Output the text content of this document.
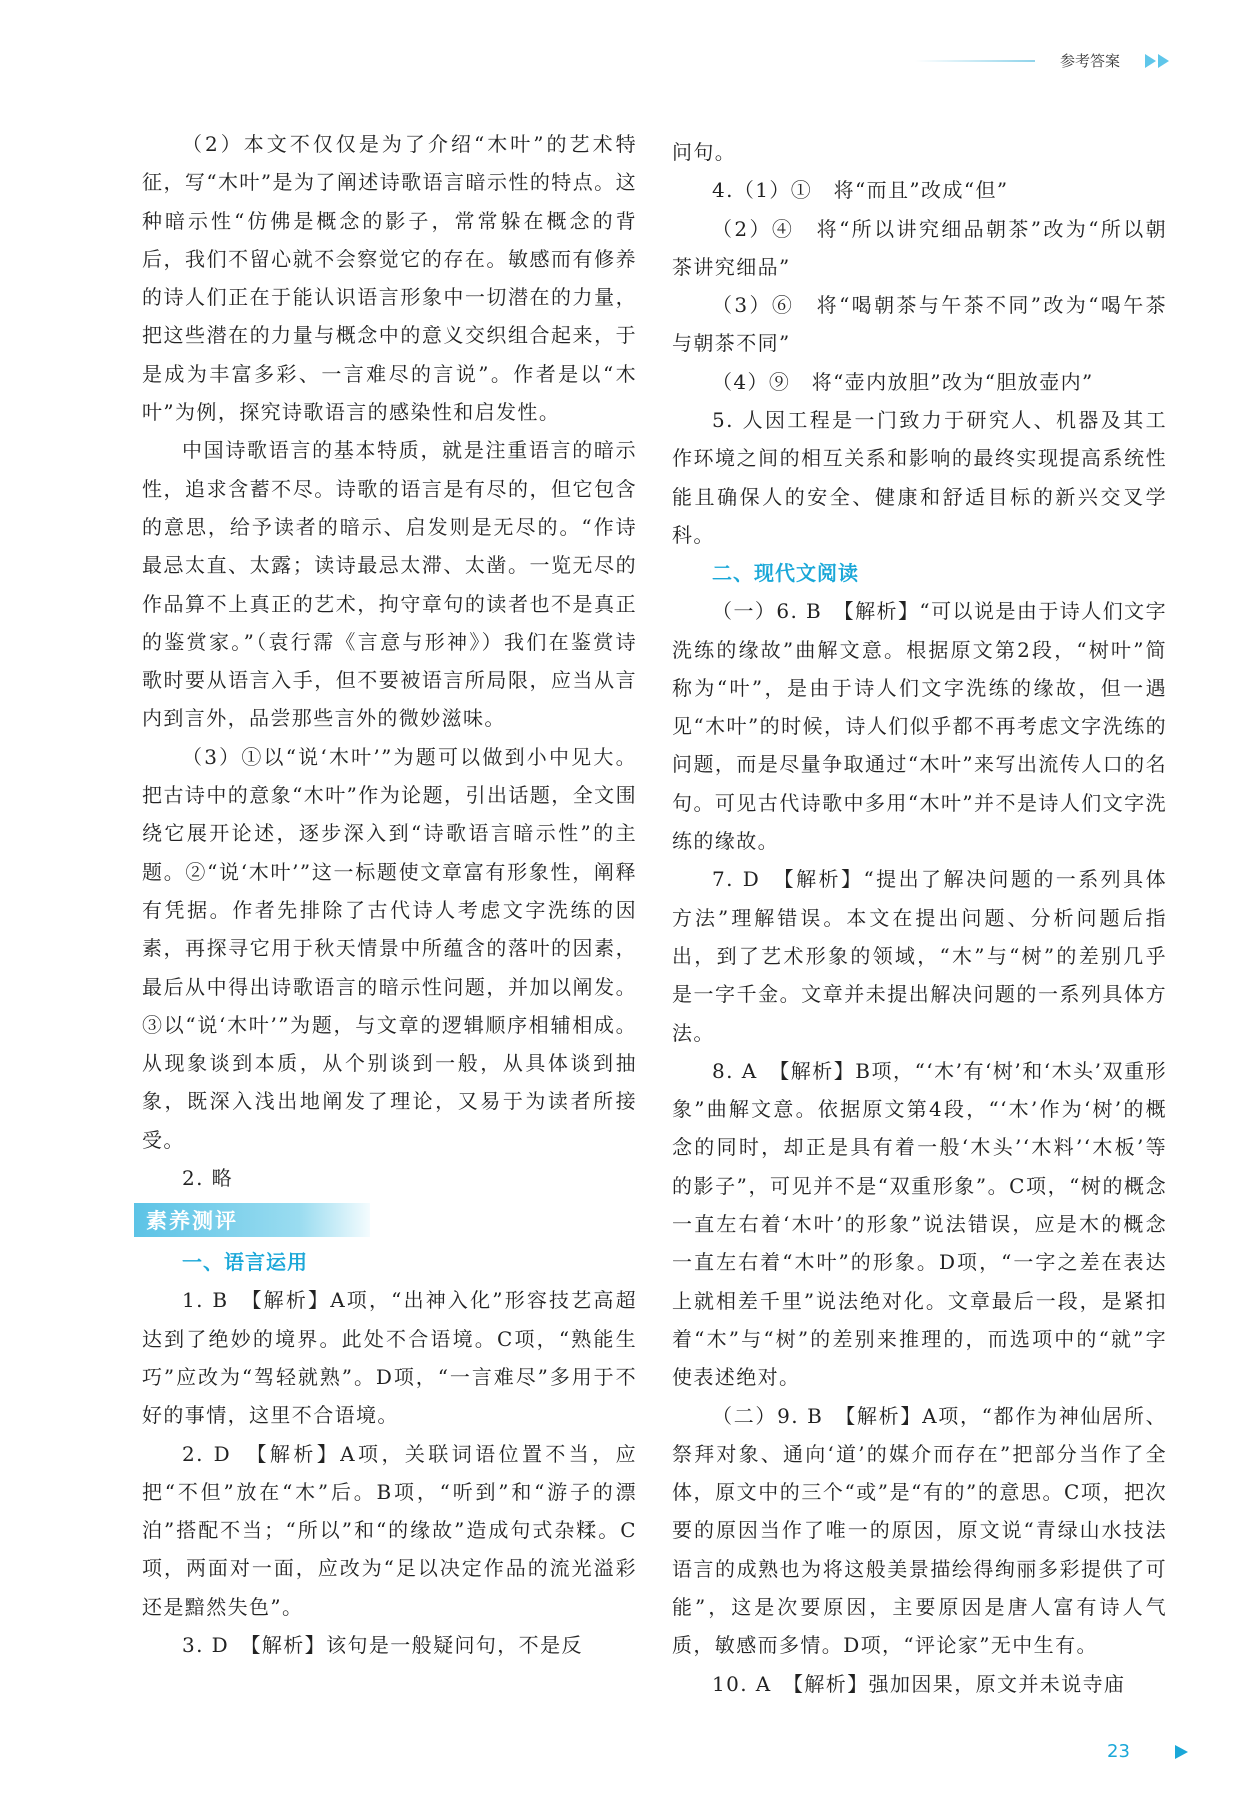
参考答案

（2）本文不仅仅是为了介绍“木叶”的艺术特征，写“木叶”是为了阐述诗歌语言暗示性的特点。这种暗示性“仿佛是概念的影子，常常躲在概念的背后，我们不留心就不会察觉它的存在。敏感而有修养的诗人们正在于能认识语言形象中一切潜在的力量，把这些潜在的力量与概念中的意义交织组合起来，于是成为丰富多彩、一言难尽的言说”。作者是以“木叶”为例，探究诗歌语言的感染性和启发性。

中国诗歌语言的基本特质，就是注重语言的暗示性，追求含蓄不尽。诗歌的语言是有尽的，但它包含的意思，给予读者的暗示、启发则是无尽的。“作诗最忌太直、太露；读诗最忌太滞、太凿。一览无尽的作品算不上真正的艺术，拘守章句的读者也不是真正的鉴赏家。”（袁行霈《言意与形神》）我们在鉴赏诗歌时要从语言入手，但不要被语言所局限，应当从言内到言外，品尝那些言外的微妙滋味。

（3）①以“说‘木叶’”为题可以做到小中见大。把古诗中的意象“木叶”作为论题，引出话题，全文围绕它展开论述，逐步深入到“诗歌语言暗示性”的主题。②“说‘木叶’”这一标题使文章富有形象性，阐释有凭据。作者先排除了古代诗人考虑文字洗练的因素，再探寻它用于秋天情景中所蕴含的落叶的因素，最后从中得出诗歌语言的暗示性问题，并加以阐发。③以“说‘木叶’”为题，与文章的逻辑顺序相辅相成。从现象谈到本质，从个别谈到一般，从具体谈到抽象，既深入浅出地阐发了理论，又易于为读者所接受。

2. 略

素养测评

一、语言运用

1. B　【解析】A项，“出神入化”形容技艺高超达到了绝妙的境界。此处不合语境。C项，“熟能生巧”应改为“驾轻就熟”。D项，“一言难尽”多用于不好的事情，这里不合语境。

2. D　【解析】A项，关联词语位置不当，应把“不但”放在“木”后。B项，“听到”和“游子的漂泊”搭配不当；“所以”和“的缘故”造成句式杂糅。C项，两面对一面，应改为“足以决定作品的流光溢彩还是黯然失色”。

3. D　【解析】该句是一般疑问句，不是反

问句。

4.（1）①　将“而且”改成“但”

（2）④　将“所以讲究细品朝茶”改为“所以朝茶讲究细品”

（3）⑥　将“喝朝茶与午茶不同”改为“喝午茶与朝茶不同”

（4）⑨　将“壶内放胆”改为“胆放壶内”

5. 人因工程是一门致力于研究人、机器及其工作环境之间的相互关系和影响的最终实现提高系统性能且确保人的安全、健康和舒适目标的新兴交叉学科。

二、现代文阅读

（一）6. B　【解析】“可以说是由于诗人们文字洗练的缘故”曲解文意。根据原文第2段，“树叶”简称为“叶”，是由于诗人们文字洗练的缘故，但一遇见“木叶”的时候，诗人们似乎都不再考虑文字洗练的问题，而是尽量争取通过“木叶”来写出流传人口的名句。可见古代诗歌中多用“木叶”并不是诗人们文字洗练的缘故。

7. D　【解析】“提出了解决问题的一系列具体方法”理解错误。本文在提出问题、分析问题后指出，到了艺术形象的领域，“木”与“树”的差别几乎是一字千金。文章并未提出解决问题的一系列具体方法。

8. A　【解析】B项，“‘木’有‘树’和‘木头’双重形象”曲解文意。依据原文第4段，“‘木’作为‘树’的概念的同时，却正是具有着一般‘木头’‘木料’‘木板’等的影子”，可见并不是“双重形象”。C项，“树的概念一直左右着‘木叶’的形象”说法错误，应是木的概念一直左右着“木叶”的形象。D项，“一字之差在表达上就相差千里”说法绝对化。文章最后一段，是紧扣着“木”与“树”的差别来推理的，而选项中的“就”字使表述绝对。

（二）9. B　【解析】A项，“都作为神仙居所、祭拜对象、通向‘道’的媒介而存在”把部分当作了全体，原文中的三个“或”是“有的”的意思。C项，把次要的原因当作了唯一的原因，原文说“青绿山水技法语言的成熟也为将这般美景描绘得绚丽多彩提供了可能”，这是次要原因，主要原因是唐人富有诗人气质，敏感而多情。D项，“评论家”无中生有。

10. A　【解析】强加因果，原文并未说寺庙

23
